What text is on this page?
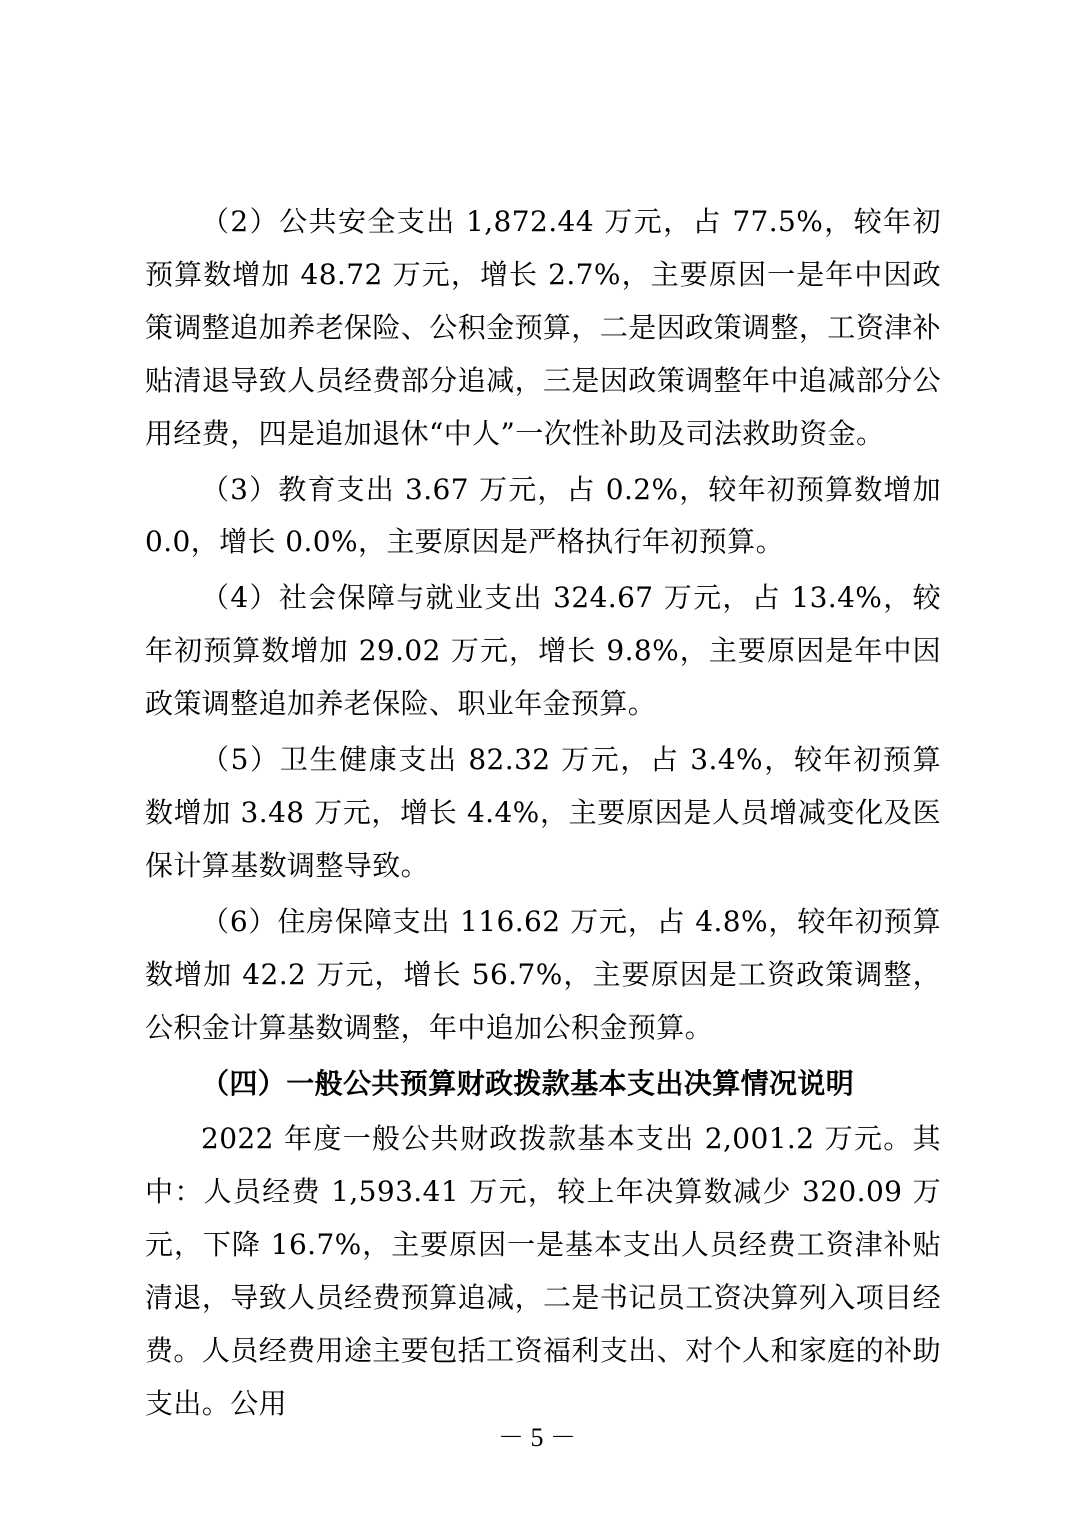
（2）公共安全支出 1,872.44 万元，占 77.5%，较年初预算数增加 48.72 万元，增长 2.7%，主要原因一是年中因政策调整追加养老保险、公积金预算，二是因政策调整，工资津补贴清退导致人员经费部分追减，三是因政策调整年中追减部分公用经费，四是追加退休“中人”一次性补助及司法救助资金。

（3）教育支出 3.67 万元，占 0.2%，较年初预算数增加 0.0，增长 0.0%，主要原因是严格执行年初预算。

（4）社会保障与就业支出 324.67 万元，占 13.4%，较年初预算数增加 29.02 万元，增长 9.8%，主要原因是年中因政策调整追加养老保险、职业年金预算。

（5）卫生健康支出 82.32 万元，占 3.4%，较年初预算数增加 3.48 万元，增长 4.4%，主要原因是人员增减变化及医保计算基数调整导致。

（6）住房保障支出 116.62 万元，占 4.8%，较年初预算数增加 42.2 万元，增长 56.7%，主要原因是工资政策调整，公积金计算基数调整，年中追加公积金预算。

（四）一般公共预算财政拨款基本支出决算情况说明

2022 年度一般公共财政拨款基本支出 2,001.2 万元。其中：人员经费 1,593.41 万元，较上年决算数减少 320.09 万元，下降 16.7%，主要原因一是基本支出人员经费工资津补贴清退，导致人员经费预算追减，二是书记员工资决算列入项目经费。人员经费用途主要包括工资福利支出、对个人和家庭的补助支出。公用

－ 5 －
